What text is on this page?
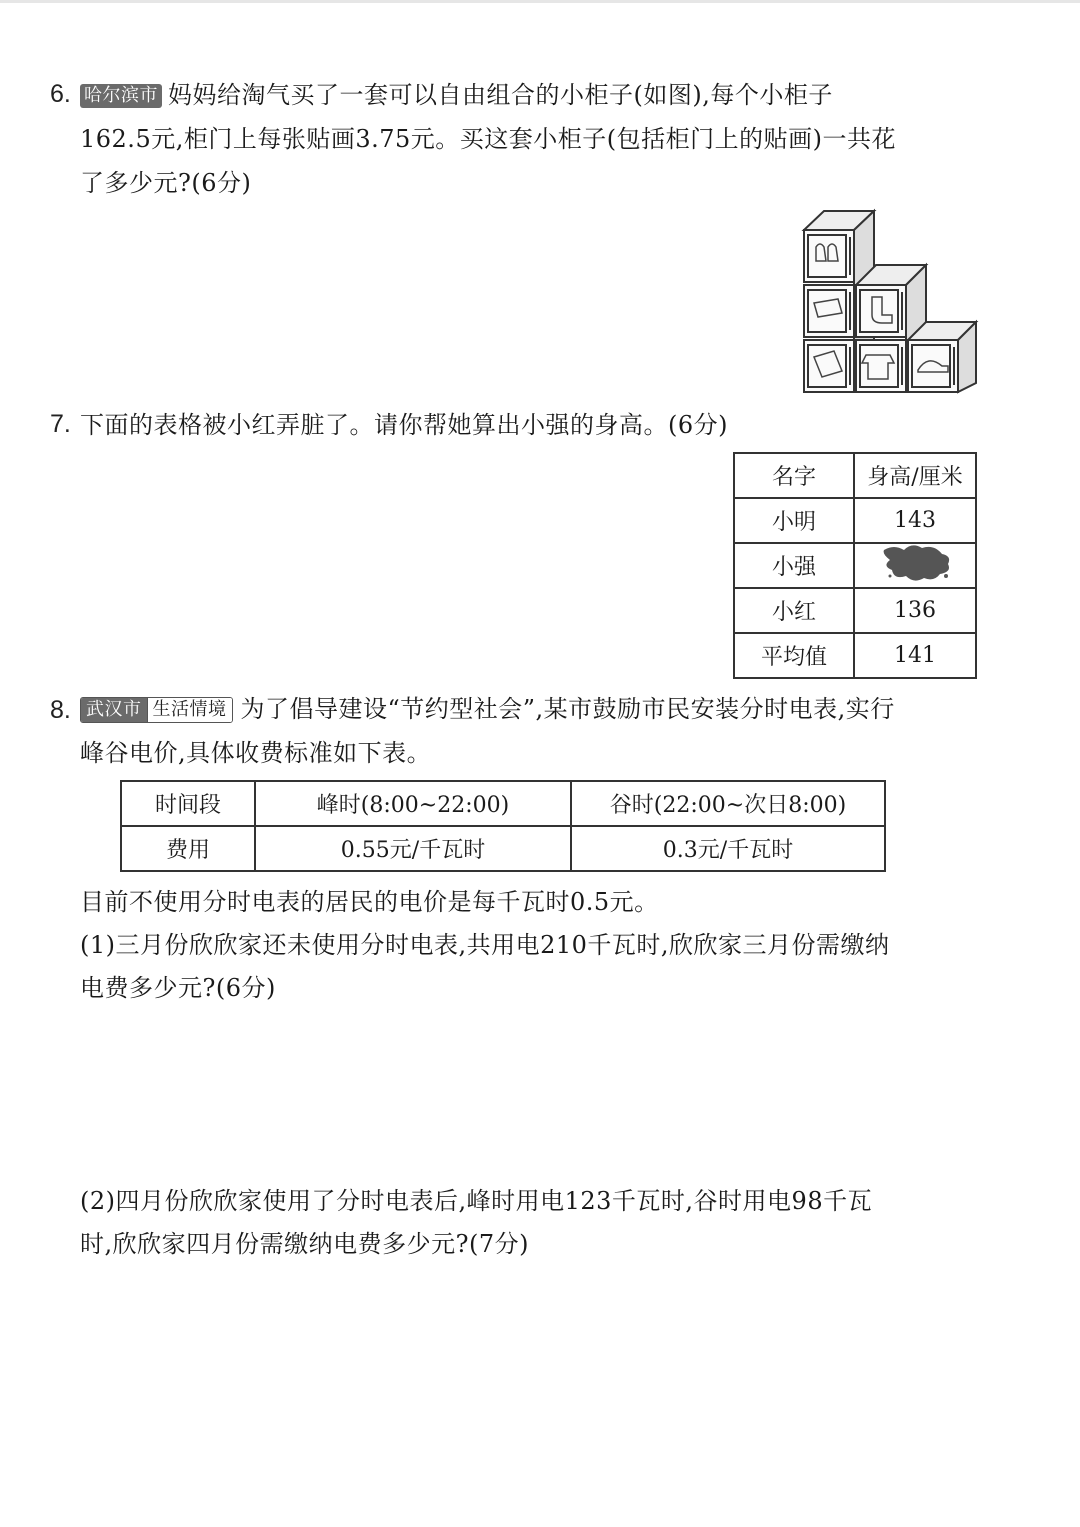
6. 哈尔滨市 妈妈给淘气买了一套可以自由组合的小柜子(如图),每个小柜子
162.5元,柜门上每张贴画3.75元。买这套小柜子(包括柜门上的贴画)一共花
了多少元?(6分)
7. 下面的表格被小红弄脏了。请你帮她算出小强的身高。(6分)
名字	身高/厘米
小明	143
小强	
小红	136
平均值	141
8. 武汉市 生活情境 为了倡导建设“节约型社会”,某市鼓励市民安装分时电表,实行
峰谷电价,具体收费标准如下表。
时间段	峰时(8:00~22:00)	谷时(22:00~次日8:00)
费用	0.55元/千瓦时	0.3元/千瓦时
目前不使用分时电表的居民的电价是每千瓦时0.5元。
(1)三月份欣欣家还未使用分时电表,共用电210千瓦时,欣欣家三月份需缴纳
电费多少元?(6分)
(2)四月份欣欣家使用了分时电表后,峰时用电123千瓦时,谷时用电98千瓦
时,欣欣家四月份需缴纳电费多少元?(7分)
